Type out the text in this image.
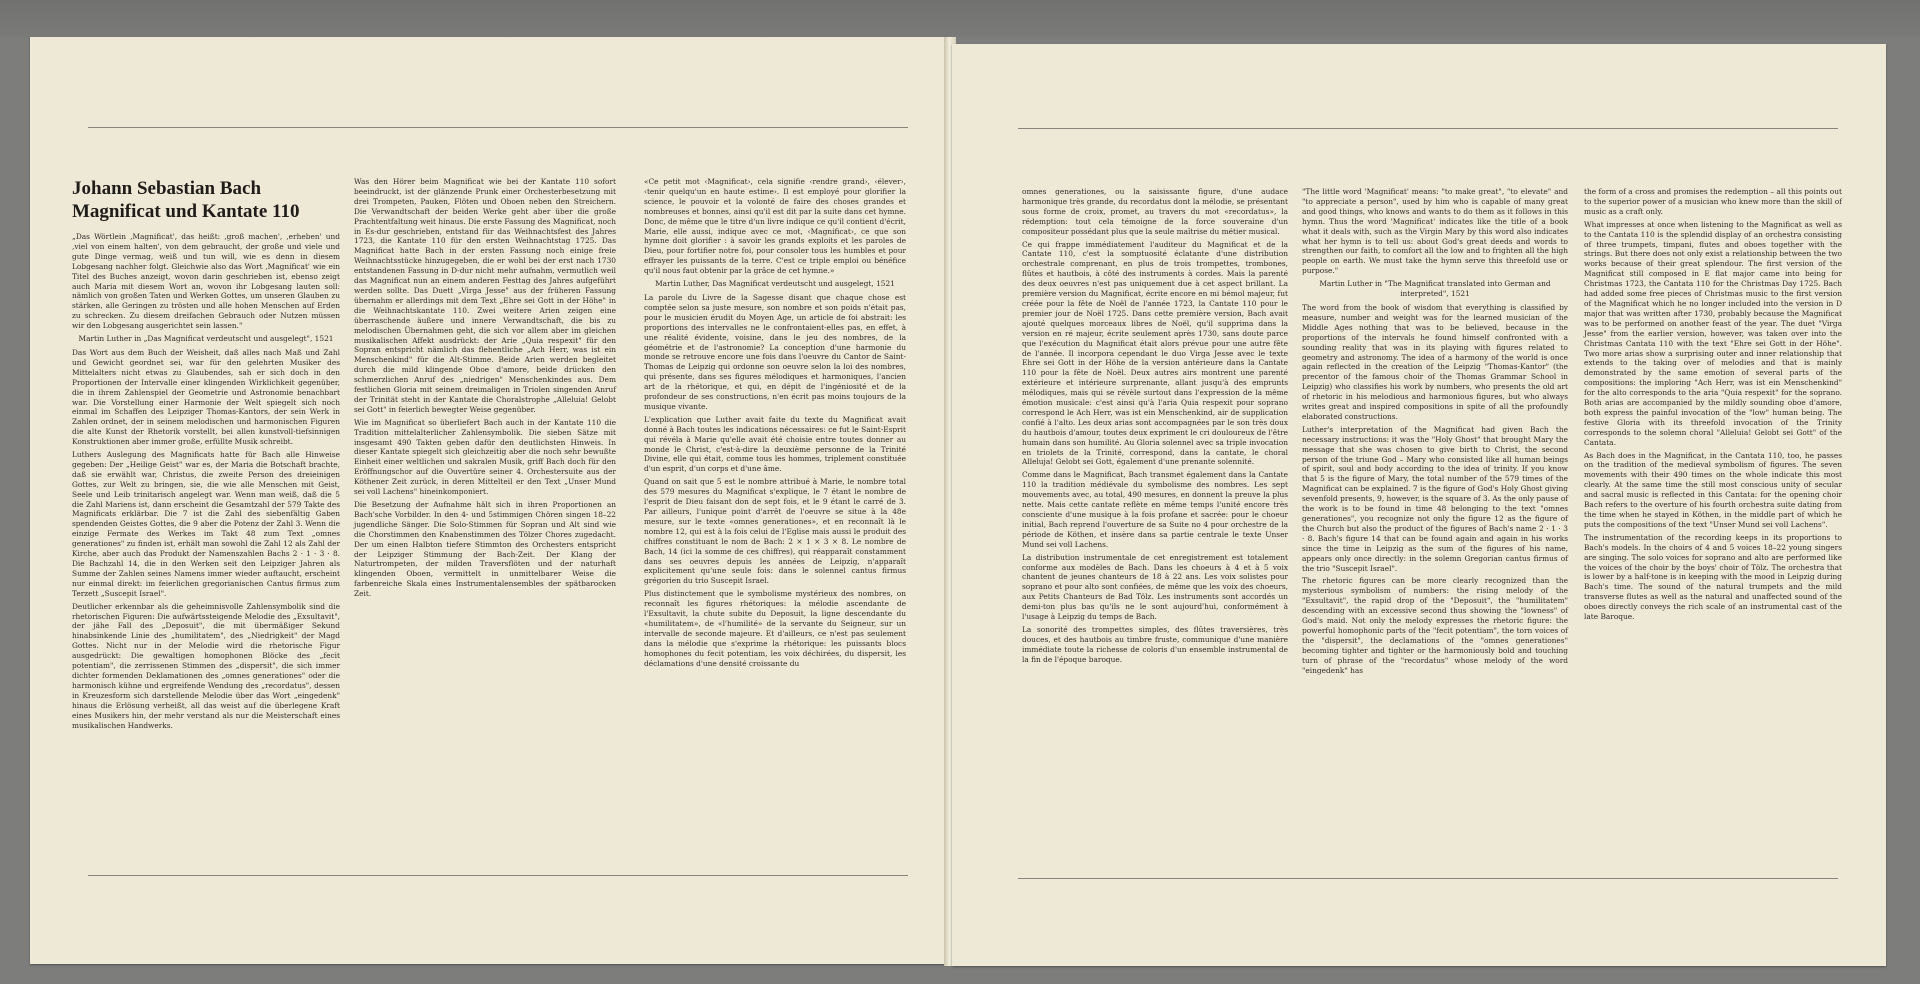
Johann Sebastian Bach
Magnificat und Kantate 110

„Das Wörtlein ‚Magnificat', das heißt: ‚groß machen', ‚erheben' und ‚viel von einem halten', von dem gebraucht, der große und viele und gute Dinge vermag, weiß und tun will, wie es denn in diesem Lobgesang nachher folgt. Gleichwie also das Wort ‚Magnificat' wie ein Titel des Buches anzeigt, wovon darin geschrieben ist, ebenso zeigt auch Maria mit diesem Wort an, wovon ihr Lobgesang lauten soll: nämlich von großen Taten und Werken Gottes, um unseren Glauben zu stärken, alle Geringen zu trösten und alle hohen Menschen auf Erden zu schrecken. Zu diesem dreifachen Gebrauch oder Nutzen müssen wir den Lobgesang ausgerichtet sein lassen."

Martin Luther in „Das Magnificat verdeutscht und ausgelegt", 1521

Das Wort aus dem Buch der Weisheit, daß alles nach Maß und Zahl und Gewicht geordnet sei, war für den gelehrten Musiker des Mittelalters nicht etwas zu Glaubendes, sah er sich doch in den Proportionen der Intervalle einer klingenden Wirklichkeit gegenüber, die in ihrem Zahlenspiel der Geometrie und Astronomie benachbart war. Die Vorstellung einer Harmonie der Welt spiegelt sich noch einmal im Schaffen des Leipziger Thomas-Kantors, der sein Werk in Zahlen ordnet, der in seinem melodischen und harmonischen Figuren die alte Kunst der Rhetorik vorstellt, bei allen kunstvoll-tiefsinnigen Konstruktionen aber immer große, erfüllte Musik schreibt.

Luthers Auslegung des Magnificats hatte für Bach alle Hinweise gegeben: Der „Heilige Geist" war es, der Maria die Botschaft brachte, daß sie erwählt war, Christus, die zweite Person des dreieinigen Gottes, zur Welt zu bringen, sie, die wie alle Menschen mit Geist, Seele und Leib trinitarisch angelegt war. Wenn man weiß, daß die 5 die Zahl Mariens ist, dann erscheint die Gesamtzahl der 579 Takte des Magnificats erklärbar. Die 7 ist die Zahl des siebenfältig Gaben spendenden Geistes Gottes, die 9 aber die Potenz der Zahl 3. Wenn die einzige Fermate des Werkes im Takt 48 zum Text „omnes generationes" zu finden ist, erhält man sowohl die Zahl 12 als Zahl der Kirche, aber auch das Produkt der Namenszahlen Bachs 2 · 1 · 3 · 8. Die Bachzahl 14, die in den Werken seit den Leipziger Jahren als Summe der Zahlen seines Namens immer wieder auftaucht, erscheint nur einmal direkt: im feierlichen gregorianischen Cantus firmus zum Terzett „Suscepit Israel".

Deutlicher erkennbar als die geheimnisvolle Zahlensymbolik sind die rhetorischen Figuren: Die aufwärtssteigende Melodie des „Exsultavit", der jähe Fall des „Deposuit", die mit übermäßiger Sekund hinabsinkende Linie des „humilitatem", des „Niedrigkeit" der Magd Gottes. Nicht nur in der Melodie wird die rhetorische Figur ausgedrückt: Die gewaltigen homophonen Blöcke des „fecit potentiam", die zerrissenen Stimmen des „dispersit", die sich immer dichter formenden Deklamationen des „omnes generationes" oder die harmonisch kühne und ergreifende Wendung des „recordatus", dessen in Kreuzesform sich darstellende Melodie über das Wort „eingedenk" hinaus die Erlösung verheißt, all das weist auf die überlegene Kraft eines Musikers hin, der mehr verstand als nur die Meisterschaft eines musikalischen Handwerks.

Was den Hörer beim Magnificat wie bei der Kantate 110 sofort beeindruckt, ist der glänzende Prunk einer Orchesterbesetzung mit drei Trompeten, Pauken, Flöten und Oboen neben den Streichern. Die Verwandtschaft der beiden Werke geht aber über die große Prachtentfaltung weit hinaus. Die erste Fassung des Magnificat, noch in Es-dur geschrieben, entstand für das Weihnachtsfest des Jahres 1723, die Kantate 110 für den ersten Weihnachtstag 1725. Das Magnificat hatte Bach in der ersten Fassung noch einige freie Weihnachtsstücke hinzugegeben, die er wohl bei der erst nach 1730 entstandenen Fassung in D-dur nicht mehr aufnahm, vermutlich weil das Magnificat nun an einem anderen Festtag des Jahres aufgeführt werden sollte. Das Duett „Virga Jesse" aus der früheren Fassung übernahm er allerdings mit dem Text „Ehre sei Gott in der Höhe" in die Weihnachtskantate 110. Zwei weitere Arien zeigen eine überraschende äußere und innere Verwandtschaft, die bis zu melodischen Übernahmen geht, die sich vor allem aber im gleichen musikalischen Affekt ausdrückt: der Arie „Quia respexit" für den Sopran entspricht nämlich das flehentliche „Ach Herr, was ist ein Menschenkind" für die Alt-Stimme. Beide Arien werden begleitet durch die mild klingende Oboe d'amore, beide drücken den schmerzlichen Anruf des „niedrigen" Menschenkindes aus. Dem festlichen Gloria mit seinem dreimaligen in Triolen singenden Anruf der Trinität steht in der Kantate die Choralstrophe „Alleluia! Gelobt sei Gott" in feierlich bewegter Weise gegenüber.

Wie im Magnificat so überliefert Bach auch in der Kantate 110 die Tradition mittelalterlicher Zahlensymbolik. Die sieben Sätze mit insgesamt 490 Takten geben dafür den deutlichsten Hinweis. In dieser Kantate spiegelt sich gleichzeitig aber die noch sehr bewußte Einheit einer weltlichen und sakralen Musik, griff Bach doch für den Eröffnungschor auf die Ouvertüre seiner 4. Orchestersuite aus der Köthener Zeit zurück, in deren Mittelteil er den Text „Unser Mund sei voll Lachens" hineinkomponiert.

Die Besetzung der Aufnahme hält sich in ihren Proportionen an Bach'sche Vorbilder. In den 4- und 5stimmigen Chören singen 18–22 jugendliche Sänger. Die Solo-Stimmen für Sopran und Alt sind wie die Chorstimmen den Knabenstimmen des Tölzer Chores zugedacht. Der um einen Halbton tiefere Stimmton des Orchesters entspricht der Leipziger Stimmung der Bach-Zeit. Der Klang der Naturtrompeten, der milden Traversflöten und der naturhaft klingenden Oboen, vermittelt in unmittelbarer Weise die farbenreiche Skala eines Instrumentalensembles der spätbarocken Zeit.

«Ce petit mot ‹Magnificat›, cela signifie ‹rendre grand›, ‹élever›, ‹tenir quelqu'un en haute estime›. Il est employé pour glorifier la science, le pouvoir et la volonté de faire des choses grandes et nombreuses et bonnes, ainsi qu'il est dit par la suite dans cet hymne. Donc, de même que le titre d'un livre indique ce qu'il contient d'écrit, Marie, elle aussi, indique avec ce mot, ‹Magnificat›, ce que son hymne doit glorifier : à savoir les grands exploits et les paroles de Dieu, pour fortifier notre foi, pour consoler tous les humbles et pour effrayer les puissants de la terre. C'est ce triple emploi ou bénéfice qu'il nous faut obtenir par la grâce de cet hymne.»

Martin Luther, Das Magnificat verdeutscht und ausgelegt, 1521

La parole du Livre de la Sagesse disant que chaque chose est comptée selon sa juste mesure, son nombre et son poids n'était pas, pour le musicien érudit du Moyen Age, un article de foi abstrait: les proportions des intervalles ne le confrontaient-elles pas, en effet, à une réalité évidente, voisine, dans le jeu des nombres, de la géométrie et de l'astronomie? La conception d'une harmonie du monde se retrouve encore une fois dans l'oeuvre du Cantor de Saint-Thomas de Leipzig qui ordonne son oeuvre selon la loi des nombres, qui présente, dans ses figures mélodiques et harmoniques, l'ancien art de la rhétorique, et qui, en dépit de l'ingéniosité et de la profondeur de ses constructions, n'en écrit pas moins toujours de la musique vivante.

L'explication que Luther avait faite du texte du Magnificat avait donné à Bach toutes les indications nécessaires: ce fut le Saint-Esprit qui révéla à Marie qu'elle avait été choisie entre toutes donner au monde le Christ, c'est-à-dire la deuxième personne de la Trinité Divine, elle qui était, comme tous les hommes, triplement constituée d'un esprit, d'un corps et d'une âme.

Quand on sait que 5 est le nombre attribué à Marie, le nombre total des 579 mesures du Magnificat s'explique, le 7 étant le nombre de l'esprit de Dieu faisant don de sept fois, et le 9 étant le carré de 3. Par ailleurs, l'unique point d'arrêt de l'oeuvre se situe à la 48e mesure, sur le texte «omnes generationes», et en reconnaît là le nombre 12, qui est à la fois celui de l'Eglise mais aussi le produit des chiffres constituant le nom de Bach: 2 × 1 × 3 × 8. Le nombre de Bach, 14 (ici la somme de ces chiffres), qui réapparaît constamment dans ses oeuvres depuis les années de Leipzig, n'apparaît explicitement qu'une seule fois: dans le solennel cantus firmus grégorien du trio Suscepit Israel.

Plus distinctement que le symbolisme mystérieux des nombres, on reconnaît les figures rhétoriques: la mélodie ascendante de l'Exsultavit, la chute subite du Deposuit, la ligne descendante du «humilitatem», de «l'humilité» de la servante du Seigneur, sur un intervalle de seconde majeure. Et d'ailleurs, ce n'est pas seulement dans la mélodie que s'exprime la rhétorique: les puissants blocs homophones du fecit potentiam, les voix déchirées, du dispersit, les déclamations d'une densité croissante du

omnes generationes, ou la saisissante figure, d'une audace harmonique très grande, du recordatus dont la mélodie, se présentant sous forme de croix, promet, au travers du mot «recordatus», la rédemption: tout cela témoigne de la force souveraine d'un compositeur possédant plus que la seule maîtrise du métier musical.

Ce qui frappe immédiatement l'auditeur du Magnificat et de la Cantate 110, c'est la somptuosité éclatante d'une distribution orchestrale comprenant, en plus de trois trompettes, trombones, flûtes et hautbois, à côté des instruments à cordes. Mais la parenté des deux oeuvres n'est pas uniquement due à cet aspect brillant. La première version du Magnificat, écrite encore en mi bémol majeur, fut créée pour la fête de Noël de l'année 1723, la Cantate 110 pour le premier jour de Noël 1725. Dans cette première version, Bach avait ajouté quelques morceaux libres de Noël, qu'il supprima dans la version en ré majeur, écrite seulement après 1730, sans doute parce que l'exécution du Magnificat était alors prévue pour une autre fête de l'année. Il incorpora cependant le duo Virga Jesse avec le texte Ehre sei Gott in der Höhe de la version antérieure dans la Cantate 110 pour la fête de Noël. Deux autres airs montrent une parenté extérieure et intérieure surprenante, allant jusqu'à des emprunts mélodiques, mais qui se révèle surtout dans l'expression de la même émotion musicale: c'est ainsi qu'à l'aria Quia respexit pour soprano correspond le Ach Herr, was ist ein Menschenkind, air de supplication confié à l'alto. Les deux arias sont accompagnées par le son très doux du hautbois d'amour, toutes deux expriment le cri douloureux de l'être humain dans son humilité. Au Gloria solennel avec sa triple invocation en triolets de la Trinité, correspond, dans la cantate, le choral Alleluja! Gelobt sei Gott, également d'une prenante solennité.

Comme dans le Magnificat, Bach transmet également dans la Cantate 110 la tradition médiévale du symbolisme des nombres. Les sept mouvements avec, au total, 490 mesures, en donnent la preuve la plus nette. Mais cette cantate reflète en même temps l'unité encore très consciente d'une musique à la fois profane et sacrée: pour le choeur initial, Bach reprend l'ouverture de sa Suite no 4 pour orchestre de la période de Köthen, et insère dans sa partie centrale le texte Unser Mund sei voll Lachens.

La distribution instrumentale de cet enregistrement est totalement conforme aux modèles de Bach. Dans les choeurs à 4 et à 5 voix chantent de jeunes chanteurs de 18 à 22 ans. Les voix solistes pour soprano et pour alto sont confiées, de même que les voix des choeurs, aux Petits Chanteurs de Bad Tölz. Les instruments sont accordés un demi-ton plus bas qu'ils ne le sont aujourd'hui, conformément à l'usage à Leipzig du temps de Bach.

La sonorité des trompettes simples, des flûtes traversières, très douces, et des hautbois au timbre fruste, communique d'une manière immédiate toute la richesse de coloris d'un ensemble instrumental de la fin de l'époque baroque.

"The little word 'Magnificat' means: "to make great", "to elevate" and "to appreciate a person", used by him who is capable of many great and good things, who knows and wants to do them as it follows in this hymn. Thus the word 'Magnificat' indicates like the title of a book what it deals with, such as the Virgin Mary by this word also indicates what her hymn is to tell us: about God's great deeds and words to strengthen our faith, to comfort all the low and to frighten all the high people on earth. We must take the hymn serve this threefold use or purpose."

Martin Luther in "The Magnificat translated into German and interpreted", 1521

The word from the book of wisdom that everything is classified by measure, number and weight was for the learned musician of the Middle Ages nothing that was to be believed, because in the proportions of the intervals he found himself confronted with a sounding reality that was in its playing with figures related to geometry and astronomy. The idea of a harmony of the world is once again reflected in the creation of the Leipzig "Thomas-Kantor" (the precentor of the famous choir of the Thomas Grammar School in Leipzig) who classifies his work by numbers, who presents the old art of rhetoric in his melodious and harmonious figures, but who always writes great and inspired compositions in spite of all the profoundly elaborated constructions.

Luther's interpretation of the Magnificat had given Bach the necessary instructions: it was the "Holy Ghost" that brought Mary the message that she was chosen to give birth to Christ, the second person of the triune God – Mary who consisted like all human beings of spirit, soul and body according to the idea of trinity. If you know that 5 is the figure of Mary, the total number of the 579 times of the Magnificat can be explained. 7 is the figure of God's Holy Ghost giving sevenfold presents, 9, however, is the square of 3. As the only pause of the work is to be found in time 48 belonging to the text "omnes generationes", you recognize not only the figure 12 as the figure of the Church but also the product of the figures of Bach's name 2 · 1 · 3 · 8. Bach's figure 14 that can be found again and again in his works since the time in Leipzig as the sum of the figures of his name, appears only once directly: in the solemn Gregorian cantus firmus of the trio "Suscepit Israel".

The rhetoric figures can be more clearly recognized than the mysterious symbolism of numbers: the rising melody of the "Exsultavit", the rapid drop of the "Deposuit", the "humilitatem" descending with an excessive second thus showing the "lowness" of God's maid. Not only the melody expresses the rhetoric figure: the powerful homophonic parts of the "fecit potentiam", the torn voices of the "dispersit", the declamations of the "omnes generationes" becoming tighter and tighter or the harmoniously bold and touching turn of phrase of the "recordatus" whose melody of the word "eingedenk" has

the form of a cross and promises the redemption – all this points out to the superior power of a musician who knew more than the skill of music as a craft only.

What impresses at once when listening to the Magnificat as well as to the Cantata 110 is the splendid display of an orchestra consisting of three trumpets, timpani, flutes and oboes together with the strings. But there does not only exist a relationship between the two works because of their great splendour. The first version of the Magnificat still composed in E flat major came into being for Christmas 1723, the Cantata 110 for the Christmas Day 1725. Bach had added some free pieces of Christmas music to the first version of the Magnificat which he no longer included into the version in D major that was written after 1730, probably because the Magnificat was to be performed on another feast of the year. The duet "Virga Jesse" from the earlier version, however, was taken over into the Christmas Cantata 110 with the text "Ehre sei Gott in der Höhe". Two more arias show a surprising outer and inner relationship that extends to the taking over of melodies and that is mainly demonstrated by the same emotion of several parts of the compositions: the imploring "Ach Herr, was ist ein Menschenkind" for the alto corresponds to the aria "Quia respexit" for the soprano. Both arias are accompanied by the mildly sounding oboe d'amore, both express the painful invocation of the "low" human being. The festive Gloria with its threefold invocation of the Trinity corresponds to the solemn choral "Alleluia! Gelobt sei Gott" of the Cantata.

As Bach does in the Magnificat, in the Cantata 110, too, he passes on the tradition of the medieval symbolism of figures. The seven movements with their 490 times on the whole indicate this most clearly. At the same time the still most conscious unity of secular and sacral music is reflected in this Cantata: for the opening choir Bach refers to the overture of his fourth orchestra suite dating from the time when he stayed in Köthen, in the middle part of which he puts the compositions of the text "Unser Mund sei voll Lachens".

The instrumentation of the recording keeps in its proportions to Bach's models. In the choirs of 4 and 5 voices 18–22 young singers are singing. The solo voices for soprano and alto are performed like the voices of the choir by the boys' choir of Tölz. The orchestra that is lower by a half-tone is in keeping with the mood in Leipzig during Bach's time. The sound of the natural trumpets and the mild transverse flutes as well as the natural and unaffected sound of the oboes directly conveys the rich scale of an instrumental cast of the late Baroque.
